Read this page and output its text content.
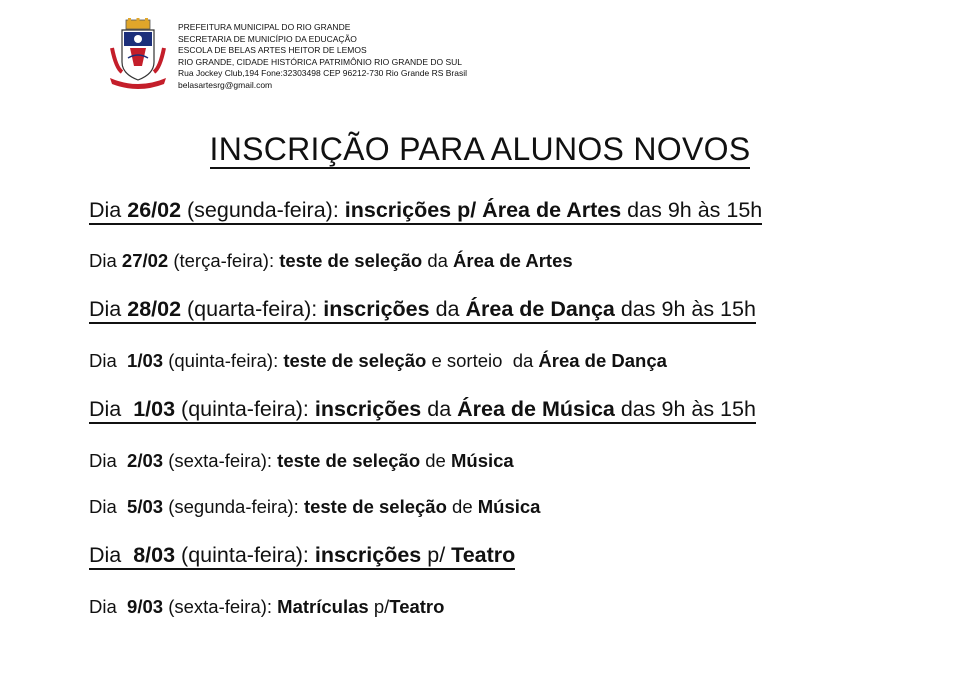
PREFEITURA MUNICIPAL DO RIO GRANDE
SECRETARIA DE MUNICÍPIO DA EDUCAÇÃO
ESCOLA DE BELAS ARTES HEITOR DE LEMOS
RIO GRANDE, CIDADE HISTÓRICA PATRIMÔNIO RIO GRANDE DO SUL
Rua Jockey Club,194 Fone:32303498 CEP 96212-730 Rio Grande RS Brasil
belasartesrg@gmail.com
INSCRIÇÃO PARA ALUNOS NOVOS
Dia 26/02 (segunda-feira): inscrições p/ Área de Artes das 9h às 15h
Dia 27/02 (terça-feira): teste de seleção da Área de Artes
Dia 28/02 (quarta-feira): inscrições da Área de Dança das 9h às 15h
Dia  1/03 (quinta-feira): teste de seleção e sorteio  da Área de Dança
Dia  1/03 (quinta-feira): inscrições da Área de Música das 9h às 15h
Dia  2/03 (sexta-feira): teste de seleção de Música
Dia  5/03 (segunda-feira): teste de seleção de Música
Dia  8/03 (quinta-feira): inscrições p/ Teatro
Dia  9/03 (sexta-feira): Matrículas p/Teatro
